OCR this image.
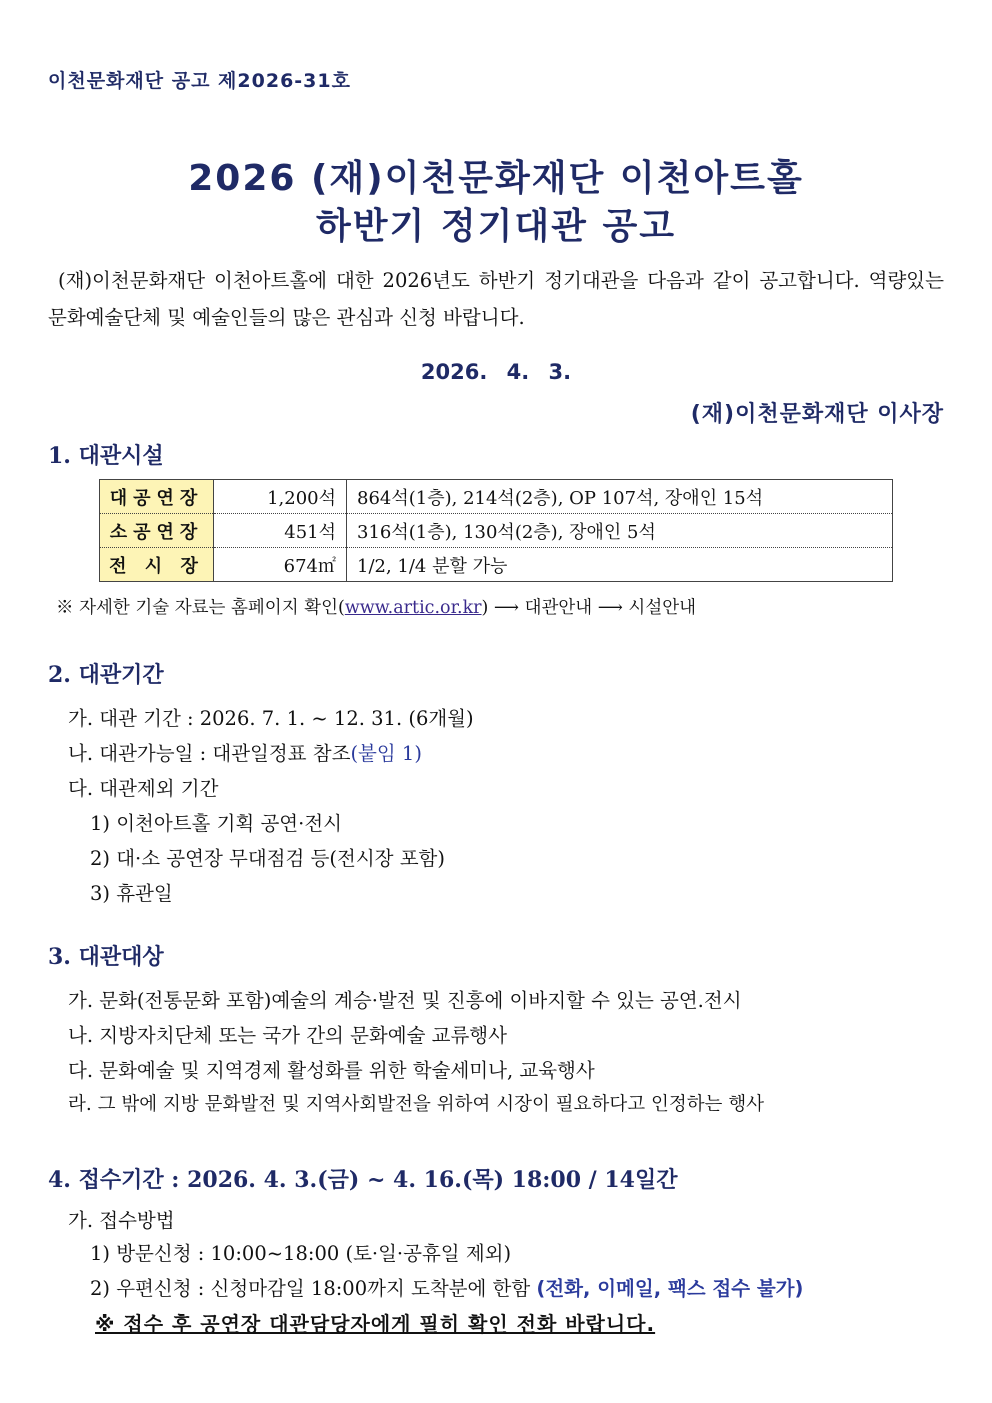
이천문화재단 공고 제2026-31호
2026 (재)이천문화재단 이천아트홀
하반기 정기대관 공고
(재)이천문화재단 이천아트홀에 대한 2026년도 하반기 정기대관을 다음과 같이 공고합니다. 역량있는 문화예술단체 및 예술인들의 많은 관심과 신청 바랍니다.
2026. 4. 3.
(재)이천문화재단 이사장
1. 대관시설
대공연장	1,200석	864석(1층), 214석(2층), OP 107석, 장애인 15석
소공연장	451석	316석(1층), 130석(2층), 장애인 5석
전 시 장	674㎡	1/2, 1/4 분할 가능
※ 자세한 기술 자료는 홈페이지 확인(www.artic.or.kr) ⟶ 대관안내 ⟶ 시설안내
2. 대관기간
가. 대관 기간 : 2026. 7. 1. ~ 12. 31. (6개월)
나. 대관가능일 : 대관일정표 참조(붙임 1)
다. 대관제외 기간
1) 이천아트홀 기획 공연·전시
2) 대·소 공연장 무대점검 등(전시장 포함)
3) 휴관일
3. 대관대상
가. 문화(전통문화 포함)예술의 계승·발전 및 진흥에 이바지할 수 있는 공연.전시
나. 지방자치단체 또는 국가 간의 문화예술 교류행사
다. 문화예술 및 지역경제 활성화를 위한 학술세미나, 교육행사
라. 그 밖에 지방 문화발전 및 지역사회발전을 위하여 시장이 필요하다고 인정하는 행사
4. 접수기간 : 2026. 4. 3.(금) ~ 4. 16.(목) 18:00 / 14일간
가. 접수방법
1) 방문신청 : 10:00~18:00 (토·일·공휴일 제외)
2) 우편신청 : 신청마감일 18:00까지 도착분에 한함 (전화, 이메일, 팩스 접수 불가)
※ 접수 후 공연장 대관담당자에게 필히 확인 전화 바랍니다.
